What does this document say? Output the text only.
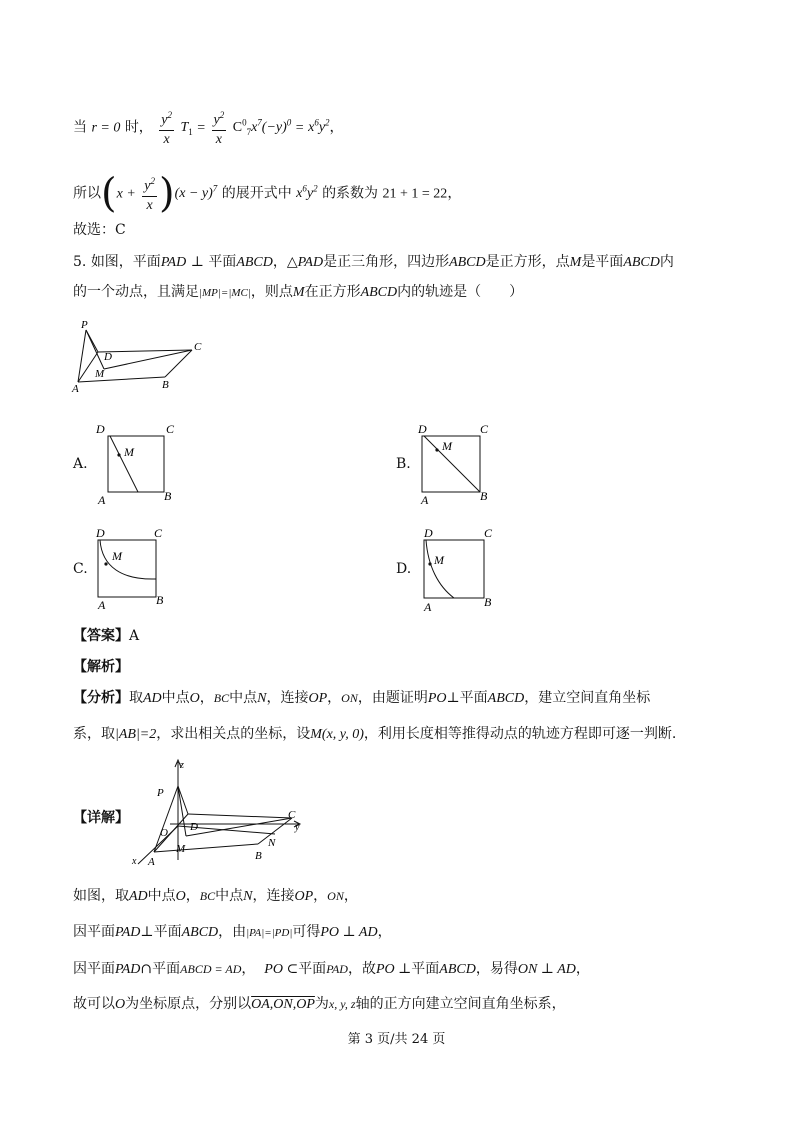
当 r = 0 时， $\frac{y^2}{x} T_1 = \frac{y^2}{x} C^0_7x^7(-y)^0 = x^6y^2$，
所以$(x + \frac{y^2}{x} )(x - y)^7$ 的展开式中 $x^6y^2$ 的系数为 21 + 1 = 22，
故选：C
5. 如图，平面PAD ⊥ 平面ABCD，△PAD是正三角形，四边形ABCD是正方形，点M是平面ABCD内
的一个动点，且满足|MP|=|MC|，则点M在正方形ABCD内的轨迹是（　　）
P
D
C
M
A	B
A.
D	C
M
A	B
B.
D	C
M
A	B
C.
D	C
M
A	B
D.
D	C
M
A	B
【答案】A
【解析】
【分析】取AD中点O，BC中点N，连接OP，ON，由题证明PO⊥平面ABCD，建立空间直角坐标
系，取|AB|=2，求出相关点的坐标，设M(x, y, 0)，利用长度相等推得动点的轨迹方程即可逐一判断.
【详解】
z
P
C
y
D
O
M	N
B
x A
如图，取AD中点O，BC中点N，连接OP，ON，
因平面PAD⊥平面ABCD，由|PA|=|PD|可得PO ⊥ AD，
因平面PAD∩平面ABCD = AD， PO ⊂平面PAD，故PO ⊥平面ABCD，易得ON ⊥ AD，
故可以O为坐标原点，分别以OA,ON,OP为x, y, z轴的正方向建立空间直角坐标系，
第 3 页/共 24 页
